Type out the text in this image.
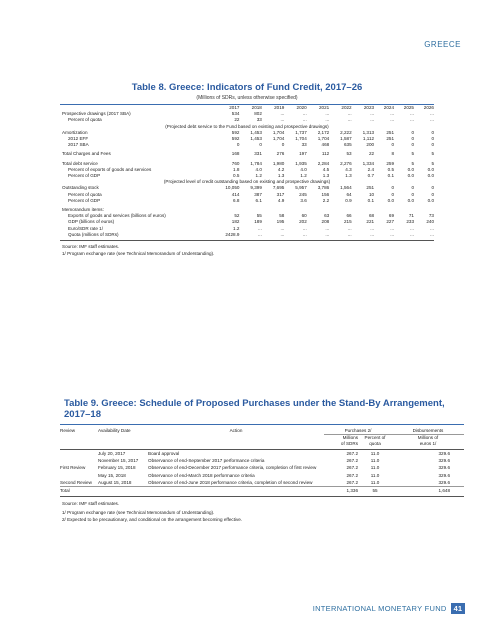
GREECE
Table 8. Greece: Indicators of Fund Credit, 2017–26
(Millions of SDRs, unless otherwise specified)
	2017	2018	2019	2020	2021	2022	2023	2024	2025	2026
Prospective drawings (2017 SBA)	534	802	...	...	...	...	...	...	...	...
Percent of quota	22	33	...	...	...	...	...	...	...	...
(Projected debt service to the Fund based on existing and prospective drawings)										
Amortization	592	1,453	1,704	1,737	2,172	2,222	1,313	251	0	0
2012 EFF	592	1,453	1,704	1,704	1,704	1,587	1,112	251	0	0
2017 SBA	0	0	0	33	468	635	200	0	0	0

Total Charges and Fees	168	331	276	197	112	53	22	8	5	5

Total debt service	760	1,784	1,980	1,935	2,284	2,276	1,334	259	5	5
Percent of exports of goods and services	1.8	4.0	4.2	4.0	4.5	4.3	2.4	0.5	0.0	0.0
Percent of GDP	0.5	1.2	1.3	1.2	1.3	1.3	0.7	0.1	0.0	0.0
(Projected level of credit outstanding based on existing and prospective drawings)										
Outstanding stock	10,050	9,399	7,695	5,957	3,786	1,564	251	0	0	0
Percent of quota	414	387	317	245	156	64	10	0	0	0
Percent of GDP	6.8	6.1	4.9	3.6	2.2	0.9	0.1	0.0	0.0	0.0

Memorandum items:										
Exports of goods and services (billions of euros)	52	55	58	60	63	66	68	69	71	73
GDP (billions of euros)	182	189	195	202	208	215	221	227	233	240
Euro/SDR rate 1/	1.2	...	...	...	...	...	...	...	...	...
Quota (millions of SDRs)	2428.9	...	...	...	...	...	...	...	...	...
Source: IMF staff estimates.
1/ Program exchange rate (see Technical Memorandum of Understanding).
Table 9. Greece: Schedule of Proposed Purchases under the Stand-By Arrangement, 2017–18
Review	Availability Date	Action	Purchases 2/		Disbursements

			Millions	Percent of	Millions of
			of SDRs	quota	euros 1/

	July 20, 2017	Board approval	267.2	11.0	329.6
	November 15, 2017	Observance of end-September 2017 performance criteria	267.2	11.0	329.6
First Review	February 15, 2018	Observance of end-December 2017 performance criteria, completion of first review	267.2	11.0	329.6
	May 15, 2018	Observance of end-March 2018 performance criteria	267.2	11.0	329.6
Second Review	August 15, 2018	Observance of end-June 2018 performance criteria, completion of second review	267.2	11.0	329.6

Total			1,336	55	1,648
Source: IMF staff estimates.
1/ Program exchange rate (see Technical Memorandum of Understanding).
2/ Expected to be precautionary, and conditional on the arrangement becoming effective.
INTERNATIONAL MONETARY FUND 41
